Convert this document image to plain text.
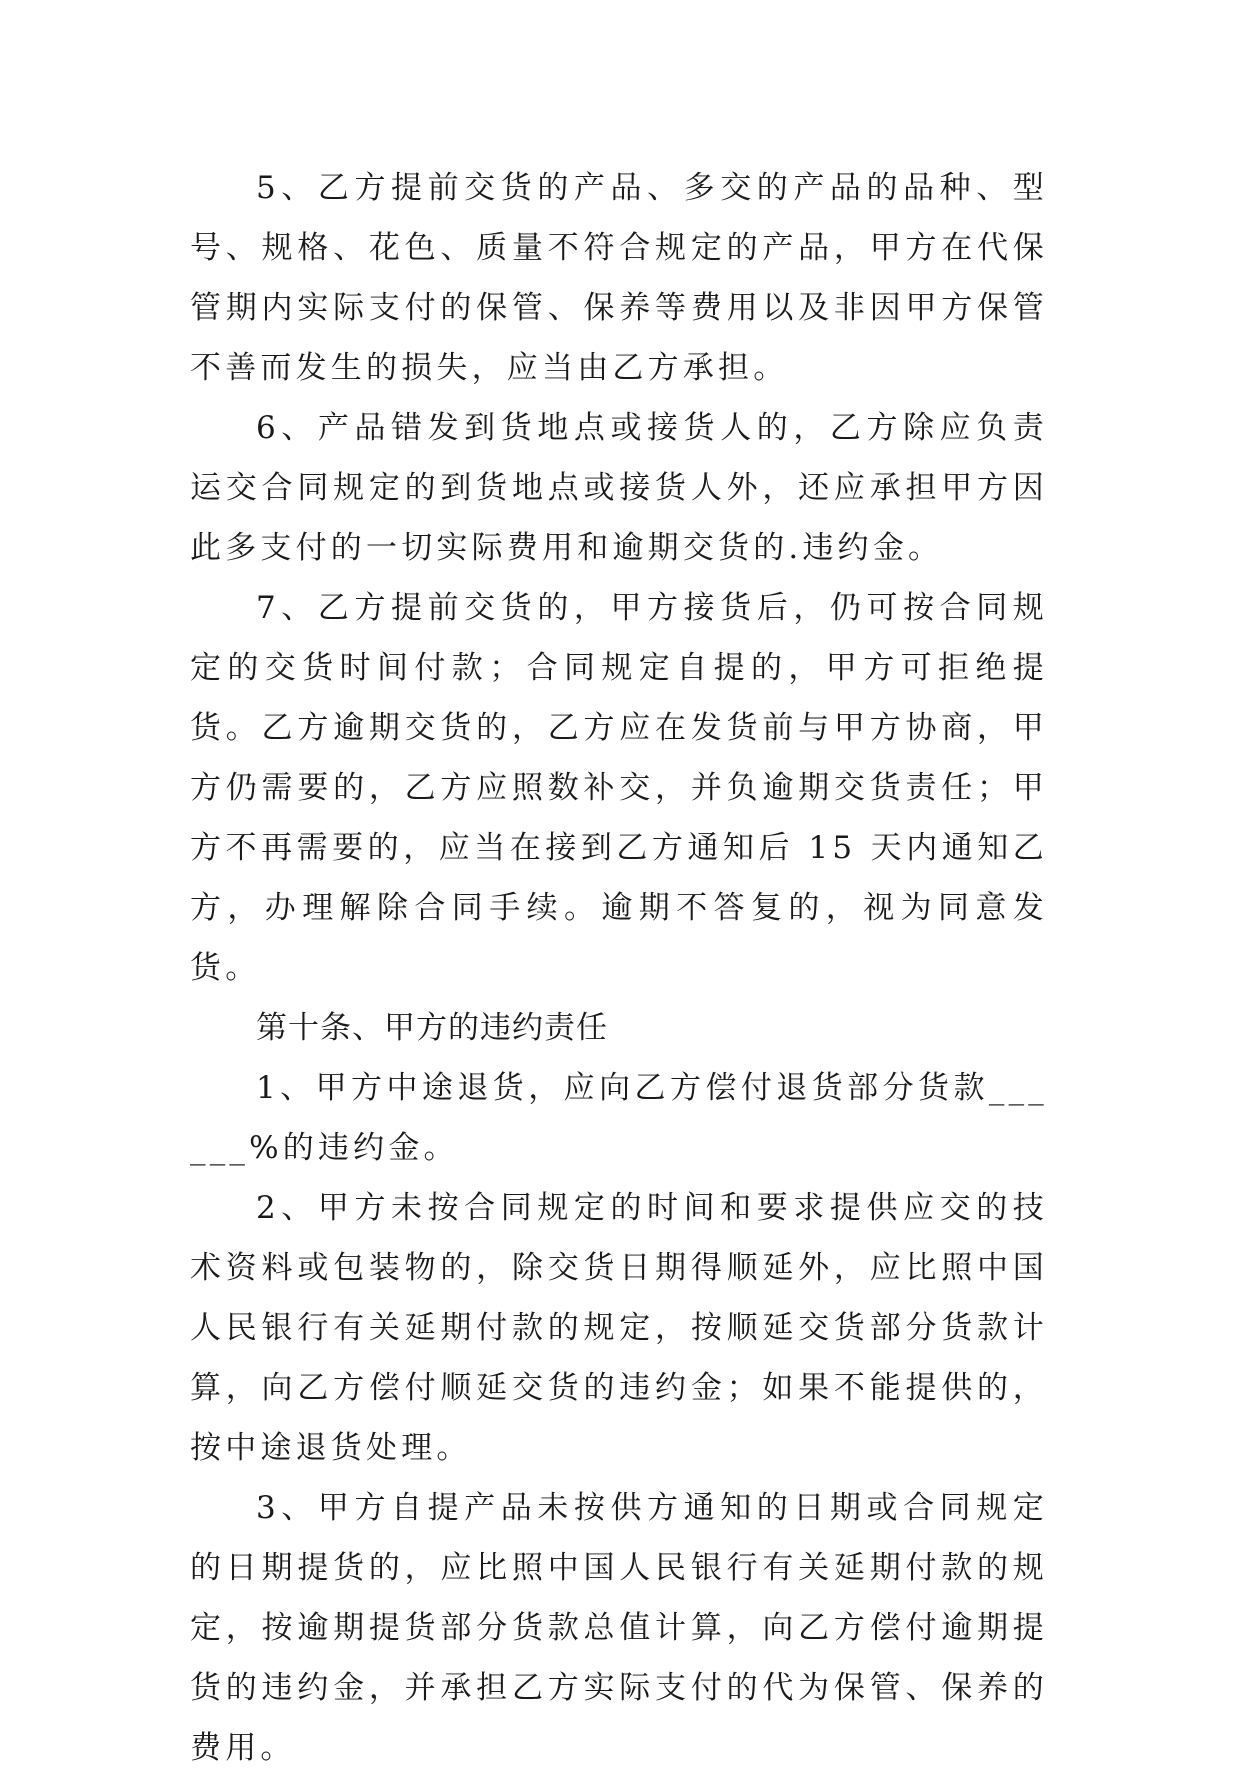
5、乙方提前交货的产品、多交的产品的品种、型号、规格、花色、质量不符合规定的产品，甲方在代保管期内实际支付的保管、保养等费用以及非因甲方保管不善而发生的损失，应当由乙方承担。

6、产品错发到货地点或接货人的，乙方除应负责运交合同规定的到货地点或接货人外，还应承担甲方因此多支付的一切实际费用和逾期交货的.违约金。

7、乙方提前交货的，甲方接货后，仍可按合同规定的交货时间付款；合同规定自提的，甲方可拒绝提货。乙方逾期交货的，乙方应在发货前与甲方协商，甲方仍需要的，乙方应照数补交，并负逾期交货责任；甲方不再需要的，应当在接到乙方通知后 15 天内通知乙方，办理解除合同手续。逾期不答复的，视为同意发货。

第十条、甲方的违约责任

1、甲方中途退货，应向乙方偿付退货部分货款______%的违约金。

2、甲方未按合同规定的时间和要求提供应交的技术资料或包装物的，除交货日期得顺延外，应比照中国人民银行有关延期付款的规定，按顺延交货部分货款计算，向乙方偿付顺延交货的违约金；如果不能提供的，按中途退货处理。

3、甲方自提产品未按供方通知的日期或合同规定的日期提货的，应比照中国人民银行有关延期付款的规定，按逾期提货部分货款总值计算，向乙方偿付逾期提货的违约金，并承担乙方实际支付的代为保管、保养的费用。
